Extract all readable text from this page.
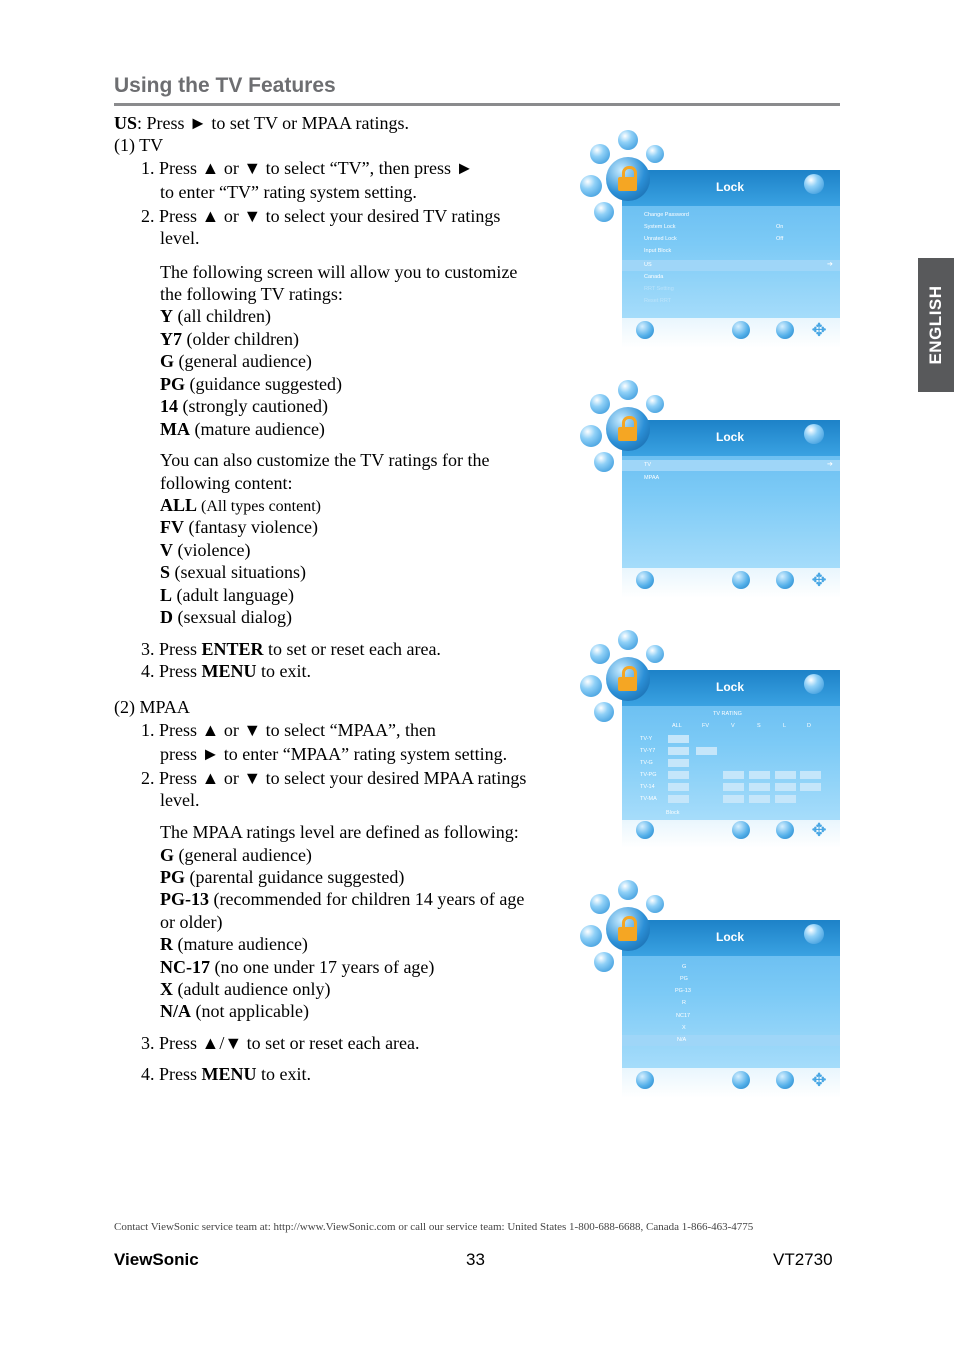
Using the TV Features
ENGLISH
US: Press ► to set TV or MPAA ratings.
(1) TV
1. Press ▲ or ▼ to select “TV”, then press ►
to enter “TV” rating system setting.
2. Press ▲ or ▼ to select your desired TV ratings
level.
The following screen will allow you to customize
the following TV ratings:
Y (all children)
Y7 (older children)
G (general audience)
PG (guidance suggested)
14 (strongly cautioned)
MA (mature audience)
You can also customize the TV ratings for the
following content:
ALL (All types content)
FV (fantasy violence)
V (violence)
S (sexual situations)
L (adult language)
D (sexsual dialog)
3. Press ENTER to set or reset each area.
4. Press MENU to exit.
(2) MPAA
1. Press ▲ or ▼ to select “MPAA”, then
press ► to enter “MPAA” rating system setting.
2. Press ▲ or ▼ to select your desired MPAA ratings
level.
The MPAA ratings level are defined as following:
G (general audience)
PG (parental guidance suggested)
PG-13 (recommended for children 14 years of age
or older)
R (mature audience)
NC-17 (no one under 17 years of age)
X (adult audience only)
N/A (not applicable)
3. Press ▲/▼ to set or reset each area.
4. Press MENU to exit.
Lock
Change Password
System Lock	On
Unrated Lock	Off
Input Block
US	➔
Canada
RRT Setting
Reset RRT
✥
Lock
TV	➔
MPAA
✥
Lock
TV RATING
ALL	FV	V	S	L	D
TV-Y
TV-Y7
TV-G
TV-PG
TV-14
TV-MA
Block
✥
Lock
G
PG
PG-13
R
NC17
X
N/A
✥
Contact ViewSonic service team at: http://www.ViewSonic.com or call our service team: United States 1-800-688-6688, Canada 1-866-463-4775
ViewSonic	33	VT2730
